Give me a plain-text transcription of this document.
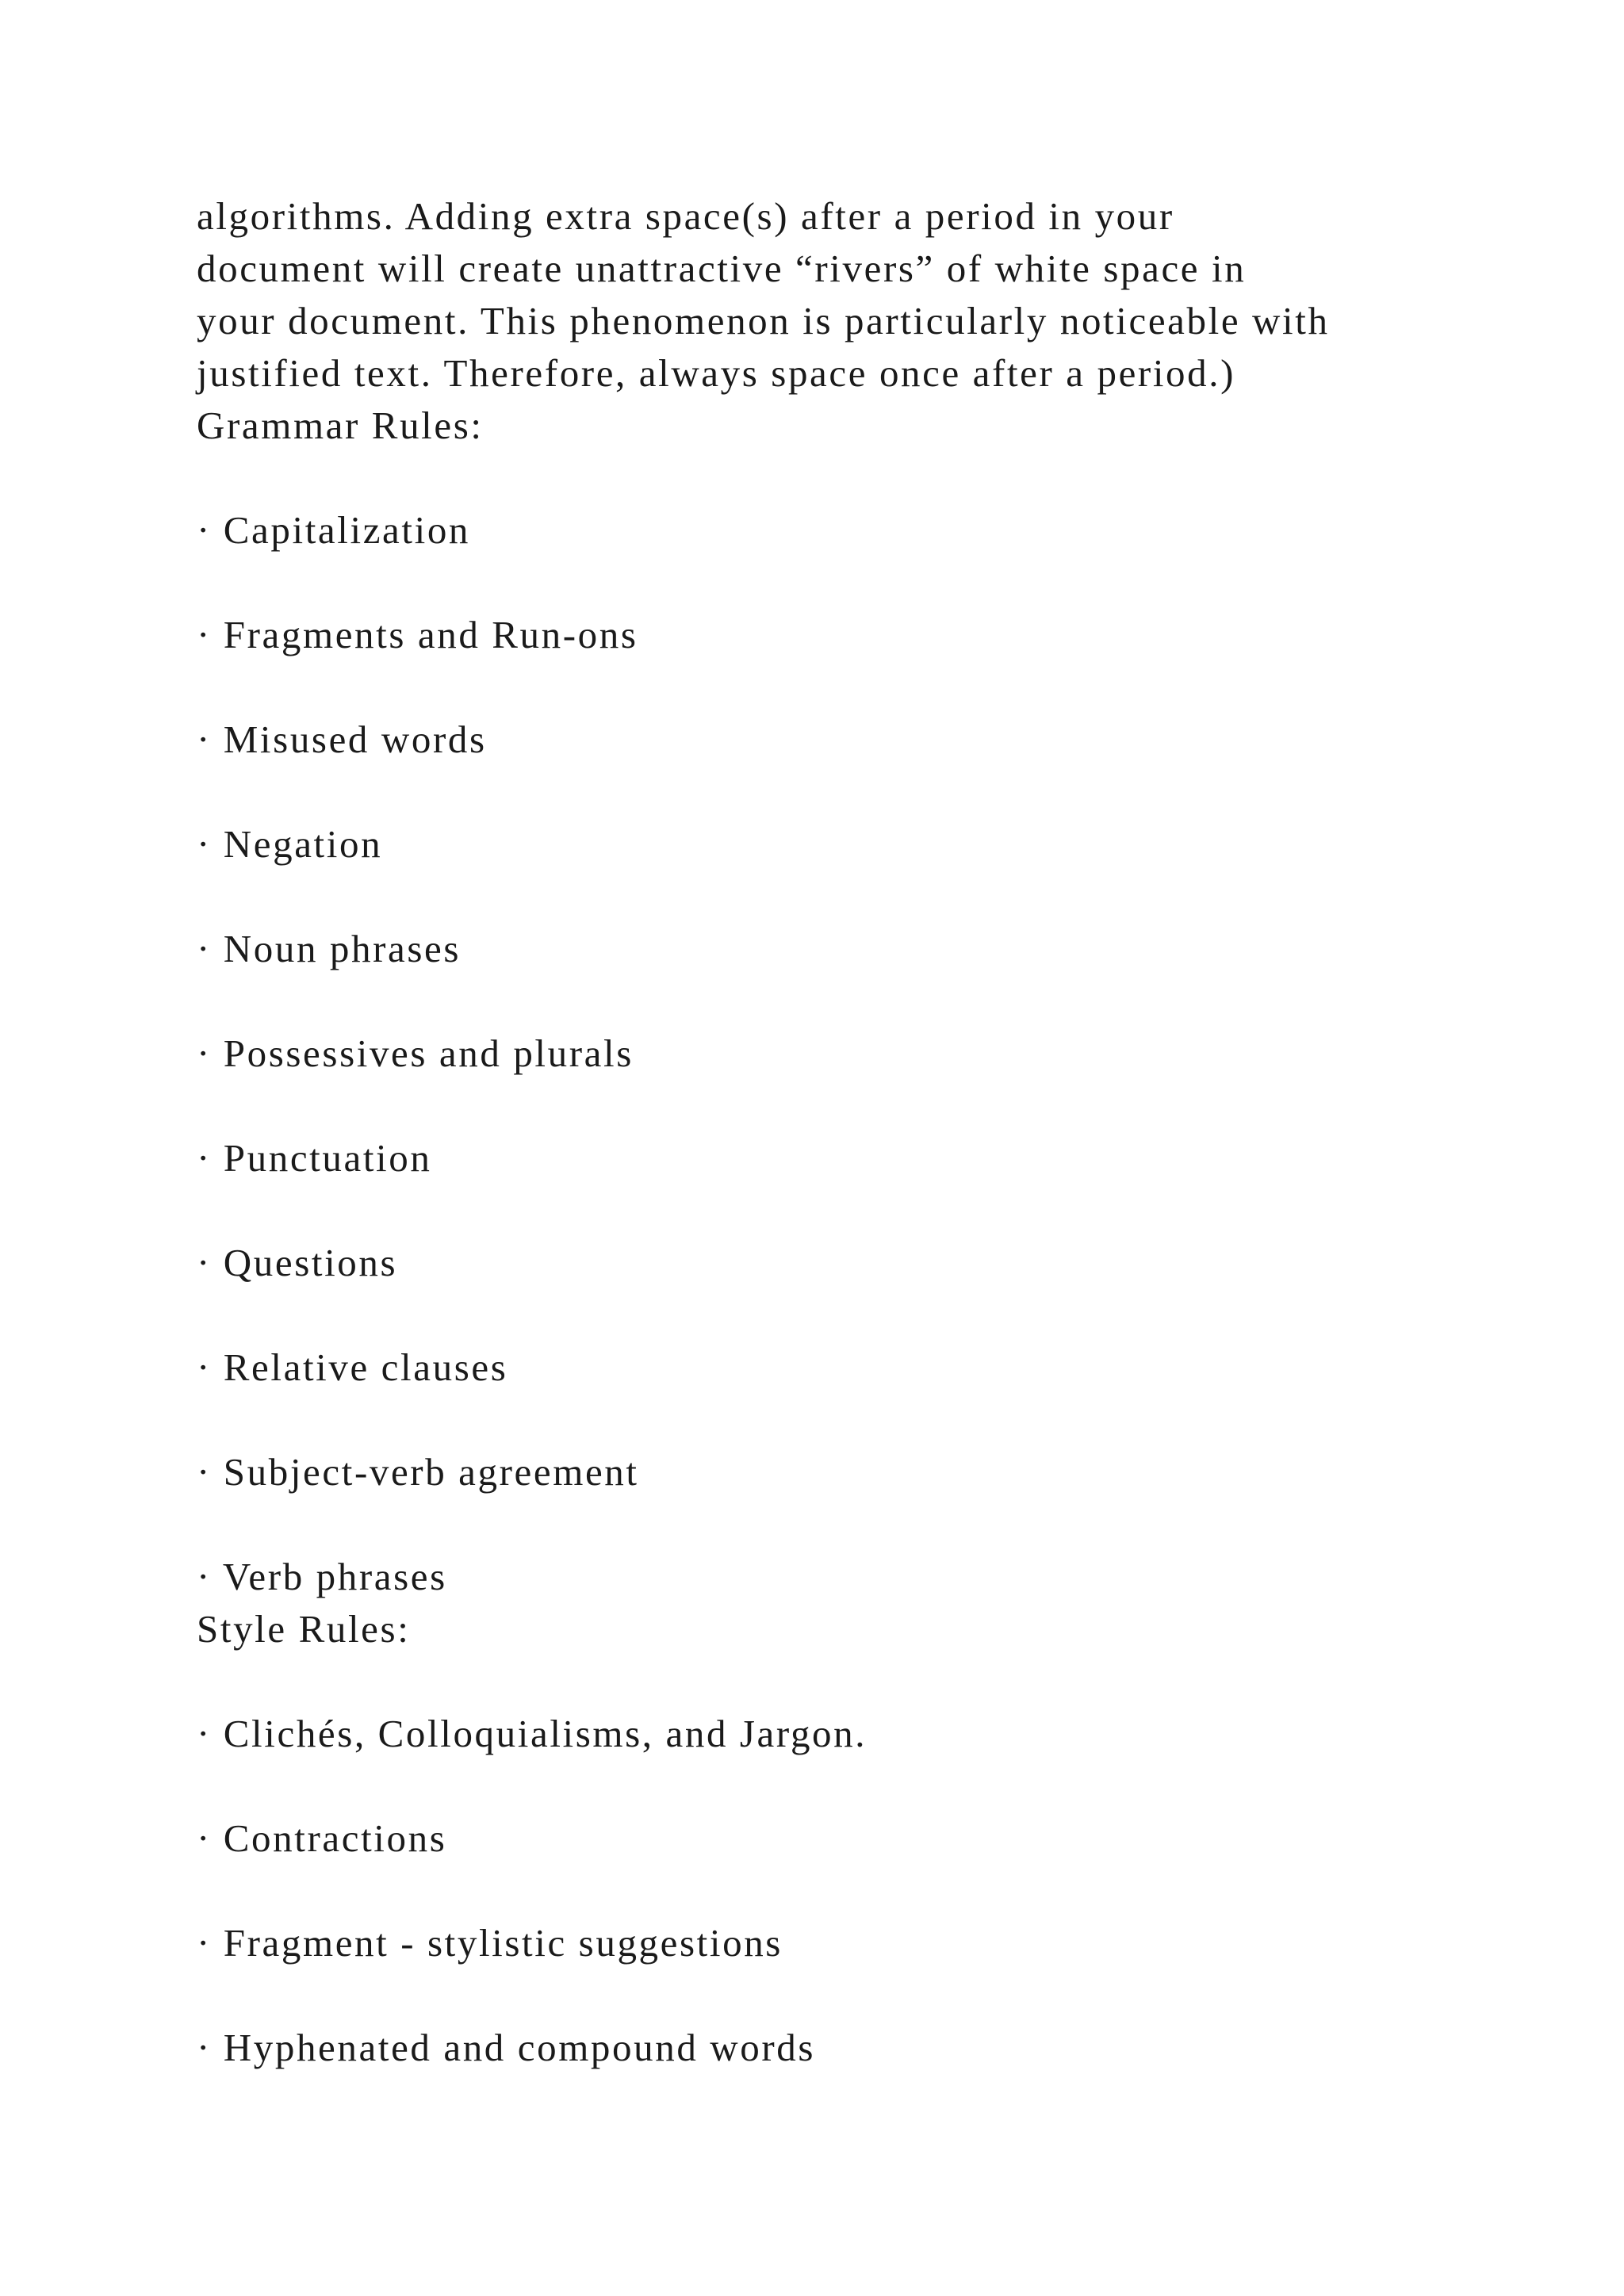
algorithms. Adding extra space(s) after a period in your
document will create unattractive “rivers” of white space in
your document. This phenomenon is particularly noticeable with
justified text. Therefore, always space once after a period.)
Grammar Rules:
· Capitalization
· Fragments and Run-ons
· Misused words
· Negation
· Noun phrases
· Possessives and plurals
· Punctuation
· Questions
· Relative clauses
· Subject-verb agreement
· Verb phrases
Style Rules:
· Clichés, Colloquialisms, and Jargon.
· Contractions
· Fragment - stylistic suggestions
· Hyphenated and compound words
